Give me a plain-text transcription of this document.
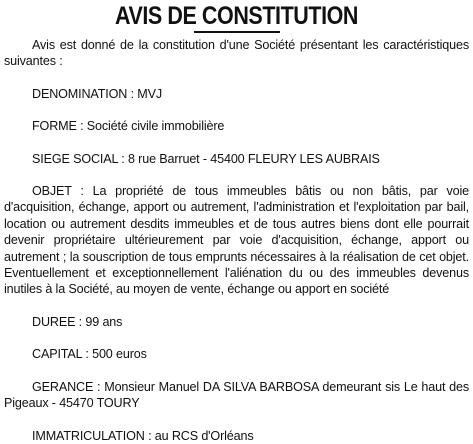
AVIS DE CONSTITUTION

Avis est donné de la constitution d'une Société présentant les caractéristiques suivantes :

DENOMINATION : MVJ

FORME : Société civile immobilière

SIEGE SOCIAL : 8 rue Barruet - 45400 FLEURY LES AUBRAIS

OBJET : La propriété de tous immeubles bâtis ou non bâtis, par voie d'acquisition, échange, apport ou autrement, l'administration et l'exploitation par bail, location ou autrement desdits immeubles et de tous autres biens dont elle pourrait devenir propriétaire ultérieurement par voie d'acquisition, échange, apport ou autrement ; la souscription de tous emprunts nécessaires à la réalisation de cet objet. Eventuellement et exceptionnellement l'aliénation du ou des immeubles devenus inutiles à la Société, au moyen de vente, échange ou apport en société

DUREE : 99 ans

CAPITAL : 500 euros

GERANCE : Monsieur Manuel DA SILVA BARBOSA demeurant sis Le haut des Pigeaux - 45470 TOURY

IMMATRICULATION : au RCS d'Orléans
